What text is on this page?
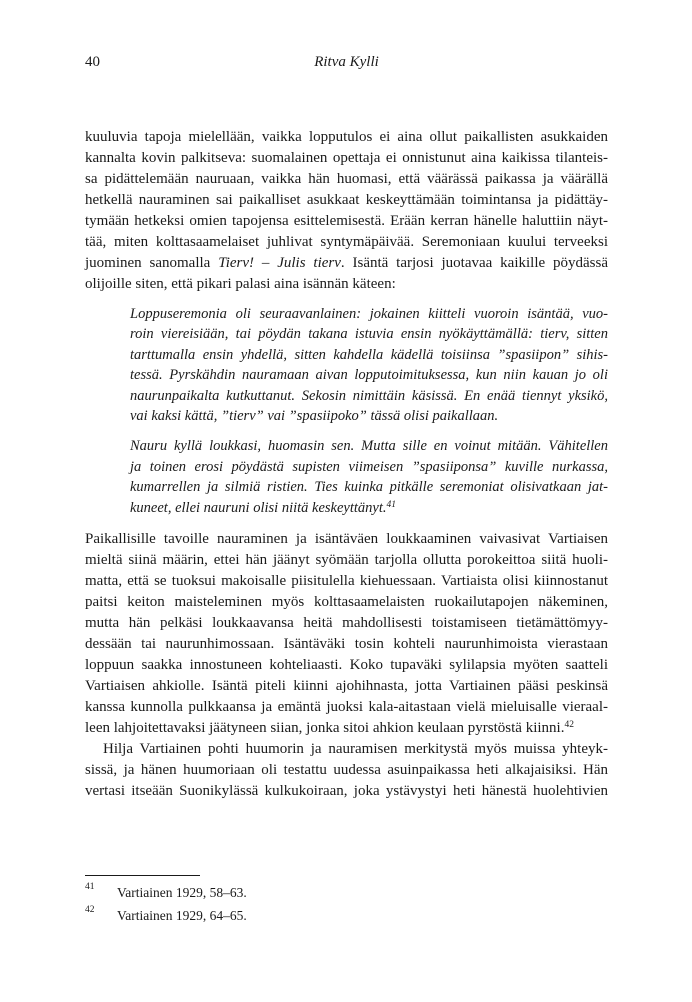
40	Ritva Kylli
kuuluvia tapoja mielellään, vaikka lopputulos ei aina ollut paikallisten asukkaiden
kannalta kovin palkitseva: suomalainen opettaja ei onnistunut aina kaikissa tilanteis-
sa pidättelemään nauruaan, vaikka hän huomasi, että väärässä paikassa ja väärällä
hetkellä nauraminen sai paikalliset asukkaat keskeyttämään toimintansa ja pidättäy-
tymään hetkeksi omien tapojensa esittelemisestä. Erään kerran hänelle haluttiin näyt-
tää, miten kolttasaamelaiset juhlivat syntymäpäivää. Seremoniaan kuului terveeksi
juominen sanomalla Tierv! – Julis tierv. Isäntä tarjosi juotavaa kaikille pöydässä
olijoille siten, että pikari palasi aina isännän käteen:
Loppuseremonia oli seuraavanlainen: jokainen kiitteli vuoroin isäntää, vuo-
roin viereisiään, tai pöydän takana istuvia ensin nyökäyttämällä: tierv, sitten
tarttumalla ensin yhdellä, sitten kahdella kädellä toisiinsa ”spasiipon” sihis-
tessä. Pyrskähdin nauramaan aivan lopputoimituksessa, kun niin kauan jo oli
naurunpaikalta kutkuttanut. Sekosin nimittäin käsissä. En enää tiennyt yksikö,
vai kaksi kättä, ”tierv” vai ”spasiipoko” tässä olisi paikallaan.
Nauru kyllä loukkasi, huomasin sen. Mutta sille en voinut mitään. Vähitellen
ja toinen erosi pöydästä supisten viimeisen ”spasiiponsa” kuville nurkassa,
kumarrellen ja silmiä ristien. Ties kuinka pitkälle seremoniat olisivatkaan jat-
kuneet, ellei nauruni olisi niitä keskeyttänyt.$^{41}$
Paikallisille tavoille nauraminen ja isäntäväen loukkaaminen vaivasivat Vartiaisen
mieltä siinä määrin, ettei hän jäänyt syömään tarjolla ollutta porokeittoa siitä huoli-
matta, että se tuoksui makoisalle piisitulella kiehuessaan. Vartiaista olisi kiinnostanut
paitsi keiton maisteleminen myös kolttasaamelaisten ruokailutapojen näkeminen,
mutta hän pelkäsi loukkaavansa heitä mahdollisesti toistamiseen tietämättömyy-
dessään tai naurunhimossaan. Isäntäväki tosin kohteli naurunhimoista vierastaan
loppuun saakka innostuneen kohteliaasti. Koko tupaväki sylilapsia myöten saatteli
Vartiaisen ahkiolle. Isäntä piteli kiinni ajohihnasta, jotta Vartiainen pääsi peskinsä
kanssa kunnolla pulkkaansa ja emäntä juoksi kala-aitastaan vielä mieluisalle vieraal-
leen lahjoitettavaksi jäätyneen siian, jonka sitoi ahkion keulaan pyrstöstä kiinni.$^{42}$
Hilja Vartiainen pohti huumorin ja nauramisen merkitystä myös muissa yhteyk-
sissä, ja hänen huumoriaan oli testattu uudessa asuinpaikassa heti alkajaisiksi. Hän
vertasi itseään Suonikylässä kulkukoiraan, joka ystävystyi heti hänestä huolehtivien
41 Vartiainen 1929, 58–63.
42 Vartiainen 1929, 64–65.
